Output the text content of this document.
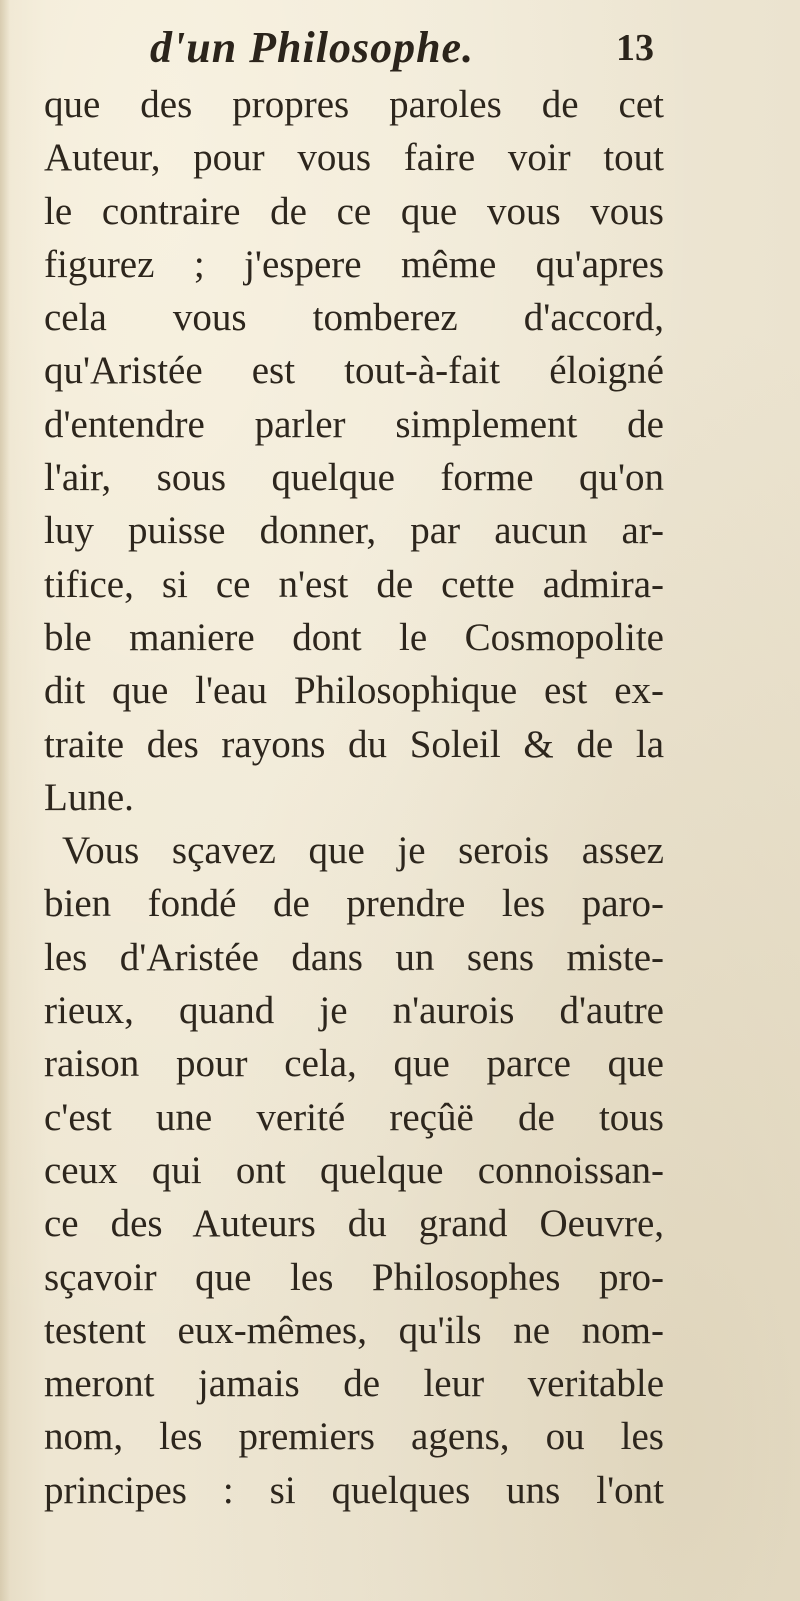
d'un Philosophe.	13
que des propres paroles de cet
Auteur, pour vous faire voir tout
le contraire de ce que vous vous
figurez ; j'espere même qu'apres
cela vous tomberez d'accord,
qu'Aristée est tout-à-fait éloigné
d'entendre parler simplement de
l'air, sous quelque forme qu'on
luy puisse donner, par aucun ar-
tifice, si ce n'est de cette admira-
ble maniere dont le Cosmopolite
dit que l'eau Philosophique est ex-
traite des rayons du Soleil & de la
Lune.
Vous sçavez que je serois assez
bien fondé de prendre les paro-
les d'Aristée dans un sens miste-
rieux, quand je n'aurois d'autre
raison pour cela, que parce que
c'est une verité reçûë de tous
ceux qui ont quelque connoissan-
ce des Auteurs du grand Oeuvre,
sçavoir que les Philosophes pro-
testent eux-mêmes, qu'ils ne nom-
meront jamais de leur veritable
nom, les premiers agens, ou les
principes : si quelques uns l'ont
